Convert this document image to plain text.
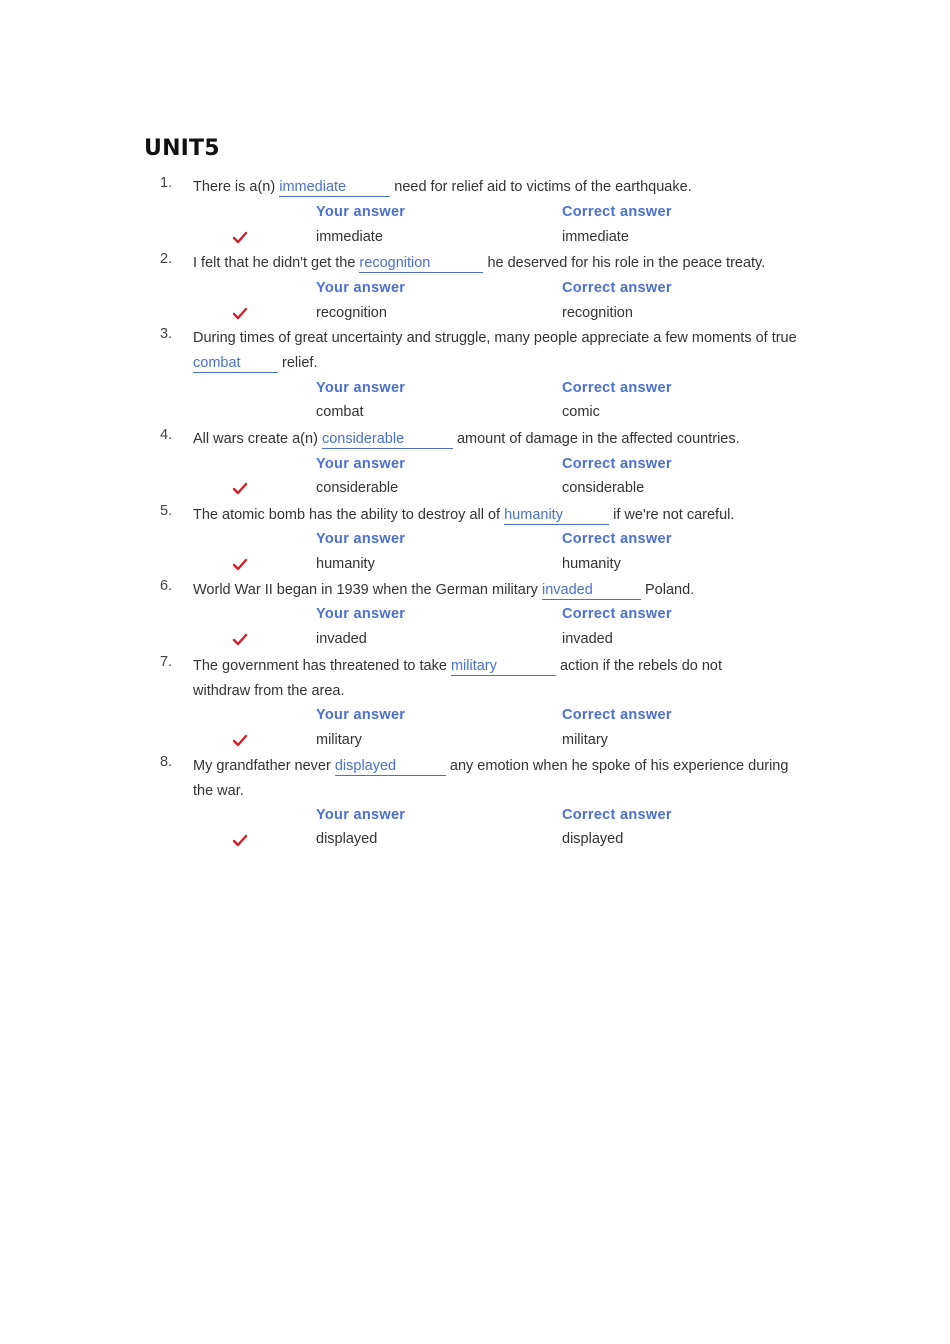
UNIT5
1. There is a(n) immediate	need for relief aid to victims of the earthquake.
Your answer	Correct answer
immediate	immediate
2. I felt that he didn't get the recognition	he deserved for his role in the peace treaty.
Your answer	Correct answer
recognition	recognition
3. During times of great uncertainty and struggle, many people appreciate a few moments of true combat	relief.
Your answer	Correct answer
combat	comic
4. All wars create a(n) considerable	amount of damage in the affected countries.
Your answer	Correct answer
considerable	considerable
5. The atomic bomb has the ability to destroy all of humanity	if we're not careful.
Your answer	Correct answer
humanity	humanity
6. World War II began in 1939 when the German military invaded	Poland.
Your answer	Correct answer
invaded	invaded
7. The government has threatened to take military	action if the rebels do not withdraw from the area.
Your answer	Correct answer
military	military
8. My grandfather never displayed	any emotion when he spoke of his experience during the war.
Your answer	Correct answer
displayed	displayed
